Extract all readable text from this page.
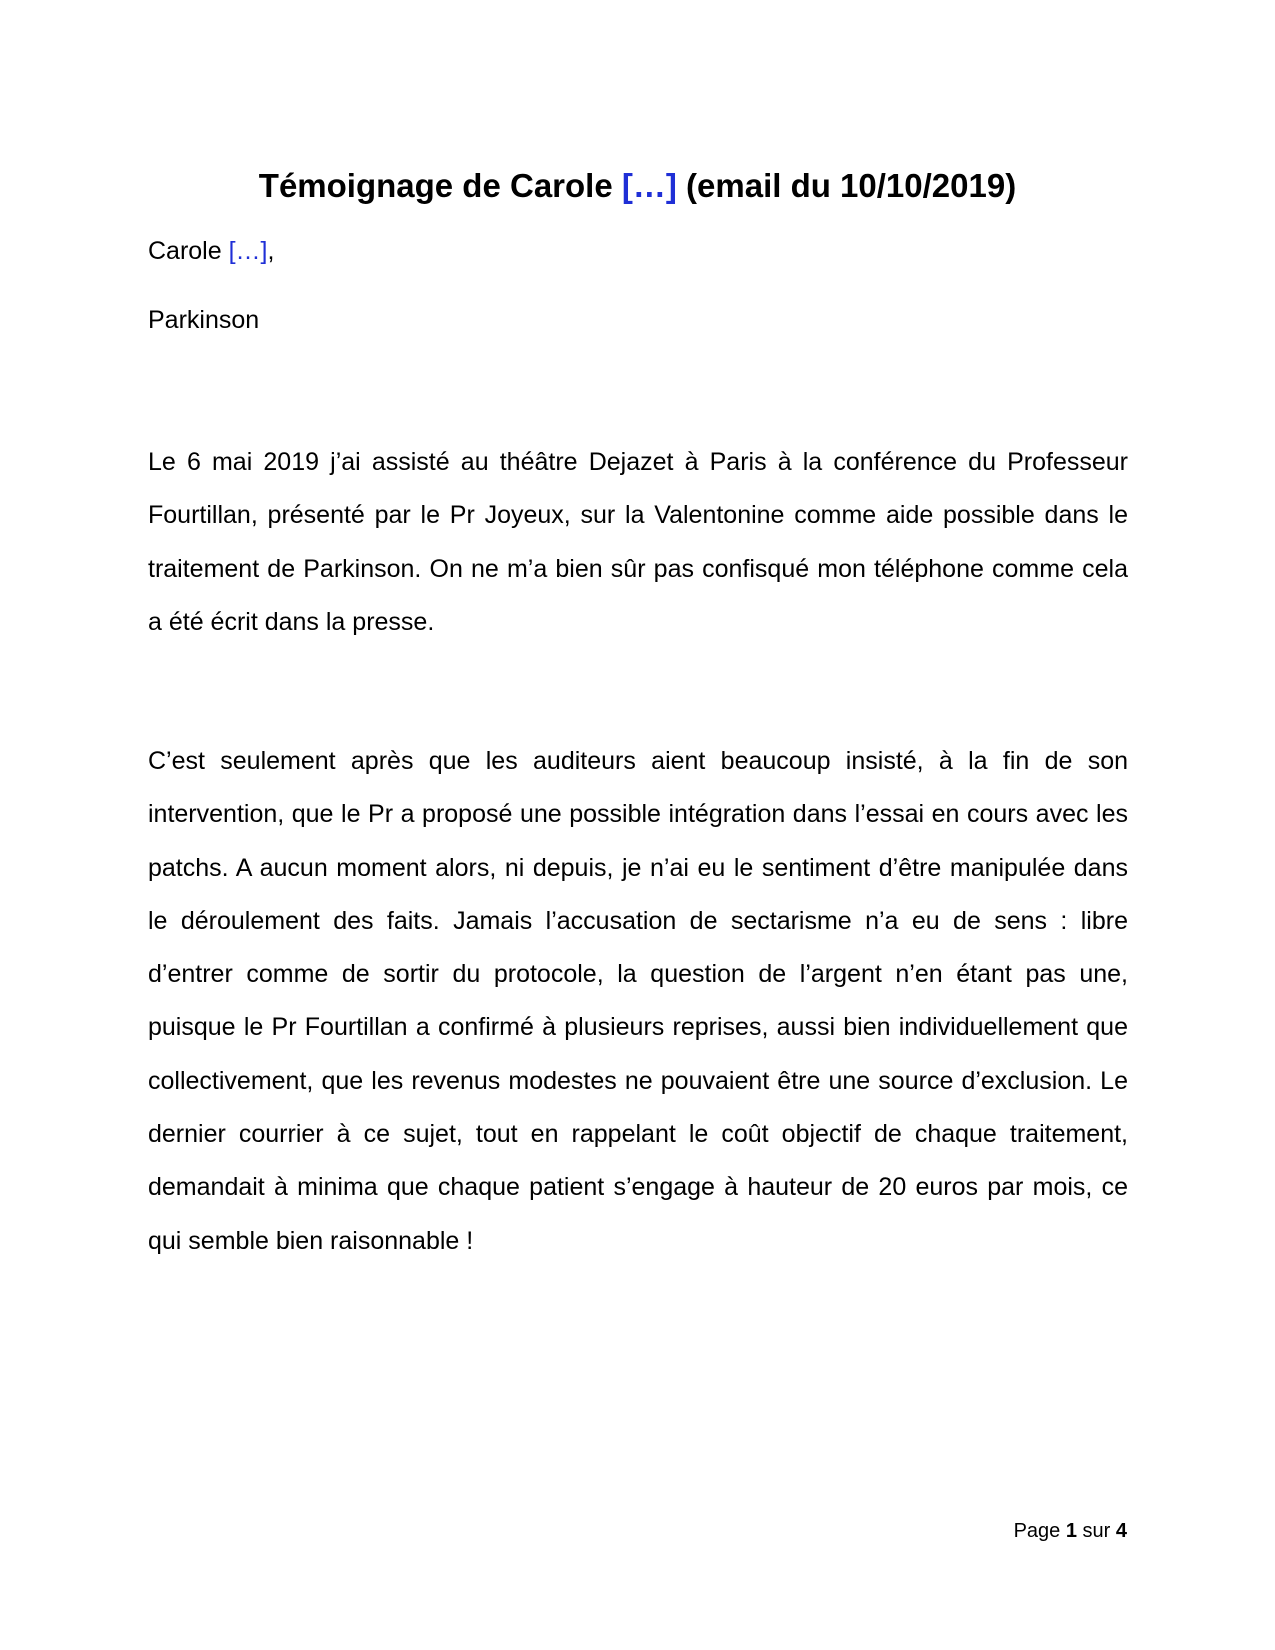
Témoignage de Carole […] (email du 10/10/2019)
Carole […],
Parkinson

Le 6 mai 2019 j’ai assisté au théâtre Dejazet à Paris à la conférence du Professeur Fourtillan, présenté par le Pr Joyeux, sur la Valentonine comme aide possible dans le traitement de Parkinson. On ne m’a bien sûr pas confisqué mon téléphone comme cela a été écrit dans la presse.

C’est seulement après que les auditeurs aient beaucoup insisté, à la fin de son intervention, que le Pr a proposé une possible intégration dans l’essai en cours avec les patchs. A aucun moment alors, ni depuis, je n’ai eu le sentiment d’être manipulée dans le déroulement des faits. Jamais l’accusation de sectarisme n’a eu de sens : libre d’entrer comme de sortir du protocole, la question de l’argent n’en étant pas une, puisque le Pr Fourtillan a confirmé à plusieurs reprises, aussi bien individuellement que collectivement, que les revenus modestes ne pouvaient être une source d’exclusion. Le dernier courrier à ce sujet, tout en rappelant le coût objectif de chaque traitement, demandait à minima que chaque patient s’engage à hauteur de 20 euros par mois, ce qui semble bien raisonnable !

Page 1 sur 4
